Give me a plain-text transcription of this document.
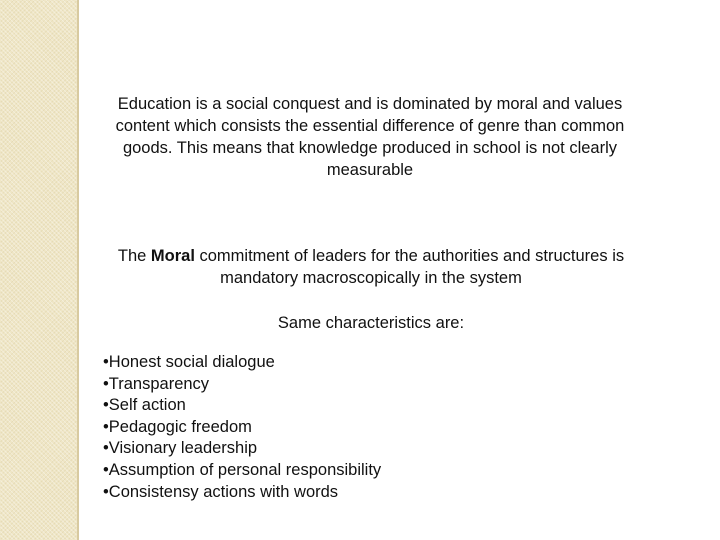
Education is a social conquest and is dominated by moral and values content which consists the essential difference of genre than common goods. This means that knowledge produced in school is not clearly measurable

The Moral commitment of leaders for the authorities and structures is mandatory macroscopically in the system

Same characteristics are:

•Honest social dialogue
•Transparency
•Self action
•Pedagogic freedom
•Visionary leadership
•Assumption of personal responsibility
•Consistensy actions with words
